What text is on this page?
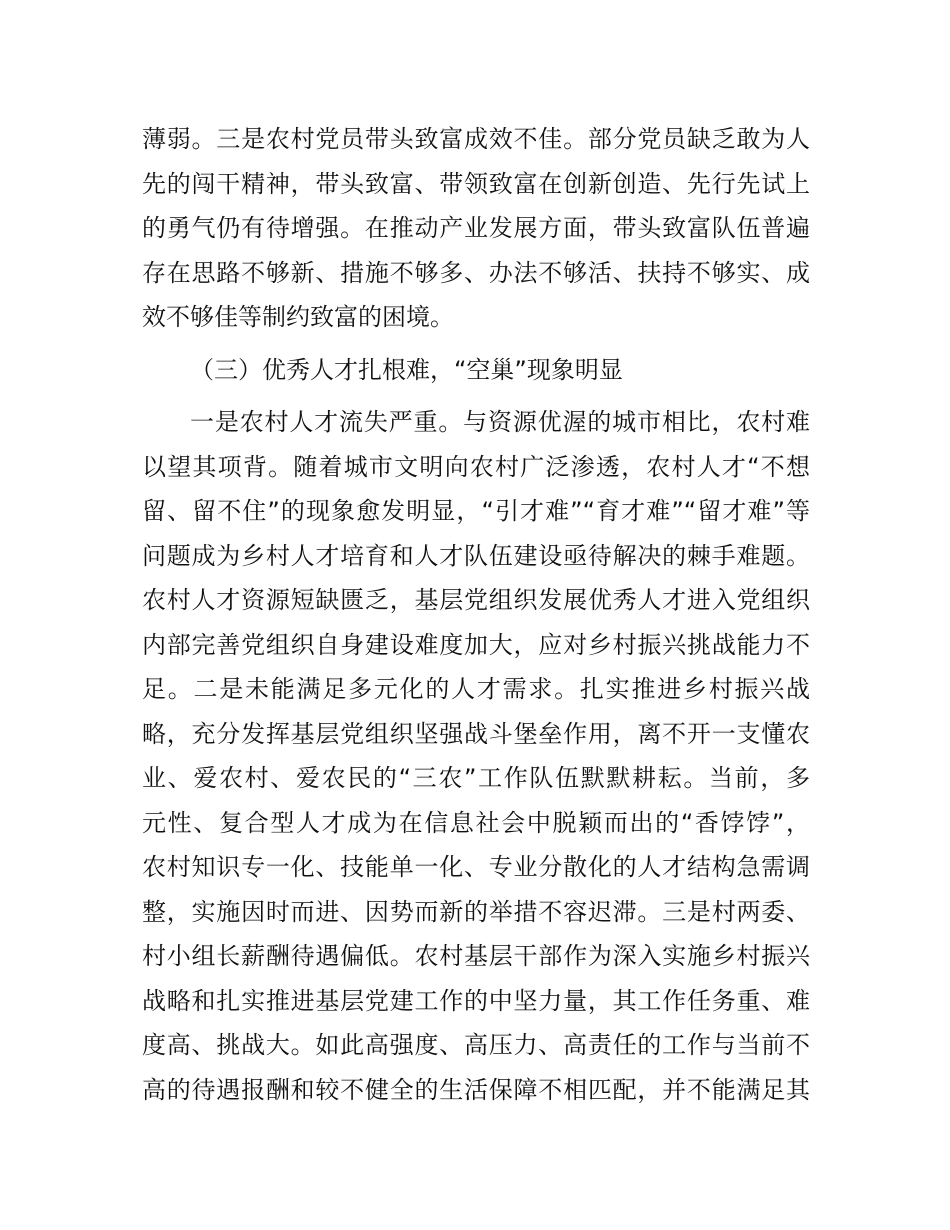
薄弱。三是农村党员带头致富成效不佳。部分党员缺乏敢为人
先的闯干精神，带头致富、带领致富在创新创造、先行先试上
的勇气仍有待增强。在推动产业发展方面，带头致富队伍普遍
存在思路不够新、措施不够多、办法不够活、扶持不够实、成
效不够佳等制约致富的困境。
（三）优秀人才扎根难，“空巢”现象明显
一是农村人才流失严重。与资源优渥的城市相比，农村难
以望其项背。随着城市文明向农村广泛渗透，农村人才“不想
留、留不住”的现象愈发明显，“引才难”“育才难”“留才难”等
问题成为乡村人才培育和人才队伍建设亟待解决的棘手难题。
农村人才资源短缺匮乏，基层党组织发展优秀人才进入党组织
内部完善党组织自身建设难度加大，应对乡村振兴挑战能力不
足。二是未能满足多元化的人才需求。扎实推进乡村振兴战
略，充分发挥基层党组织坚强战斗堡垒作用，离不开一支懂农
业、爱农村、爱农民的“三农”工作队伍默默耕耘。当前，多
元性、复合型人才成为在信息社会中脱颖而出的“香饽饽”，
农村知识专一化、技能单一化、专业分散化的人才结构急需调
整，实施因时而进、因势而新的举措不容迟滞。三是村两委、
村小组长薪酬待遇偏低。农村基层干部作为深入实施乡村振兴
战略和扎实推进基层党建工作的中坚力量，其工作任务重、难
度高、挑战大。如此高强度、高压力、高责任的工作与当前不
高的待遇报酬和较不健全的生活保障不相匹配，并不能满足其
